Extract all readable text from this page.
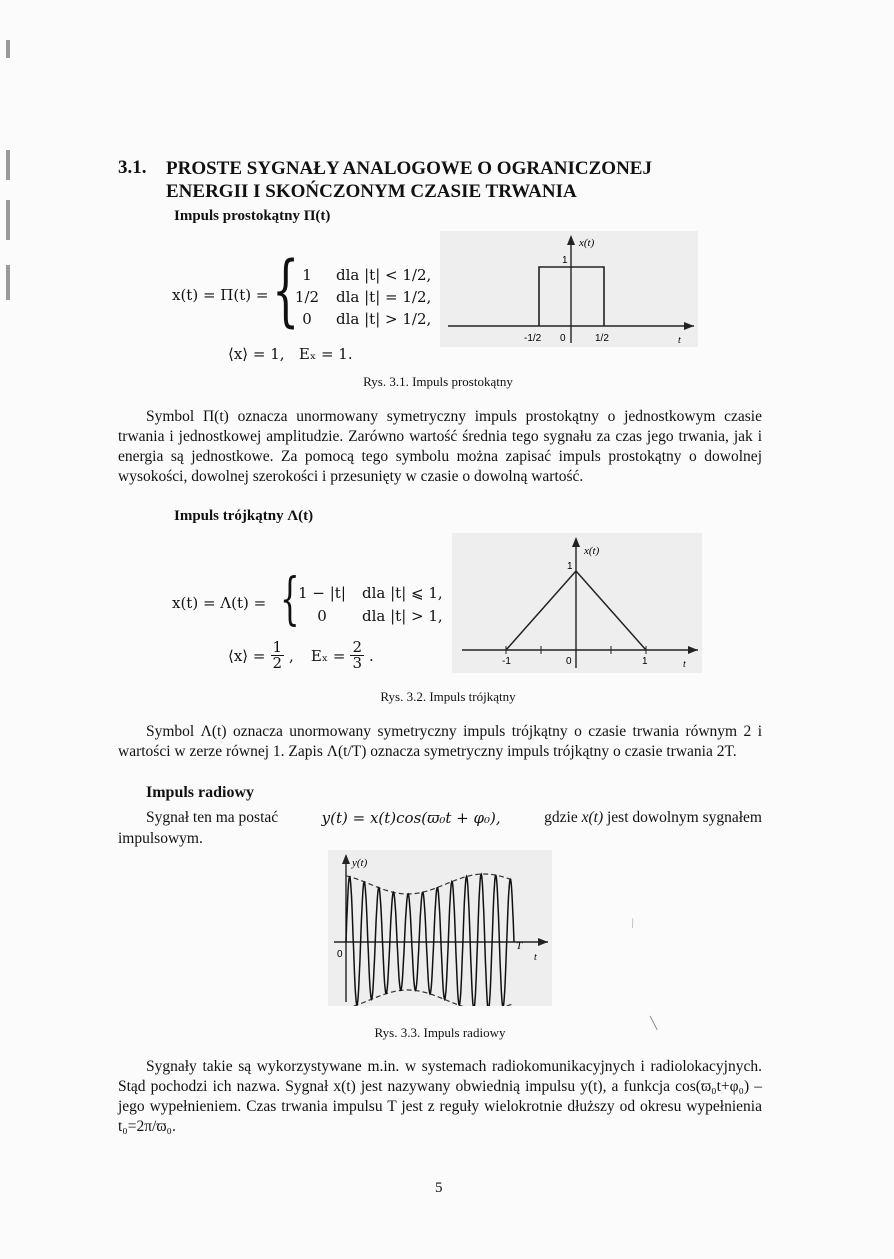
3.1. PROSTE SYGNAŁY ANALOGOWE O OGRANICZONEJ
ENERGII I SKOŃCZONYM CZASIE TRWANIA
Impuls prostokątny Π(t)
x(t) = Π(t) = { 1	dla |t| < 1/2,
1/2	dla |t| = 1/2,
0	dla |t| > 1/2,
⟨x⟩ = 1,   Eₓ = 1.
x(t)
1
-1/2 0	1/2	t
Rys. 3.1. Impuls prostokątny
Symbol Π(t) oznacza unormowany symetryczny impuls prostokątny o jednostkowym czasie trwania i jednostkowej amplitudzie. Zarówno wartość średnia tego sygnału za czas jego trwania, jak i energia są jednostkowe. Za pomocą tego symbolu można zapisać impuls prostokątny o dowolnej wysokości, dowolnej szerokości i przesunięty w czasie o dowolną wartość.
Impuls trójkątny Λ(t)
x(t) = Λ(t) = {
1 − |t| dla |t| ⩽ 1,
0	dla |t| > 1,
⟨x⟩ = $\frac{1}{2}$ , $E_x = \frac{2}{3}$ .
x(t)
1
-1	0	1	t
Rys. 3.2. Impuls trójkątny
Symbol Λ(t) oznacza unormowany symetryczny impuls trójkątny o czasie trwania równym 2 i wartości w zerze równej 1. Zapis Λ(t/T) oznacza symetryczny impuls trójkątny o czasie trwania 2T.
Impuls radiowy
Sygnał ten ma postać	y(t) = x(t)cos(ϖ₀t + φ₀),	gdzie x(t) jest dowolnym sygnałem
impulsowym.
y(t)
0
T
t
Rys. 3.3. Impuls radiowy
Sygnały takie są wykorzystywane m.in. w systemach radiokomunikacyjnych i radiolokacyjnych. Stąd pochodzi ich nazwa. Sygnał x(t) jest nazywany obwiednią impulsu y(t), a funkcja cos(ϖ₀t+φ₀) – jego wypełnieniem. Czas trwania impulsu T jest z reguły wielokrotnie dłuższy od okresu wypełnienia t₀=2π/ϖ₀.
⁄
╲
5
